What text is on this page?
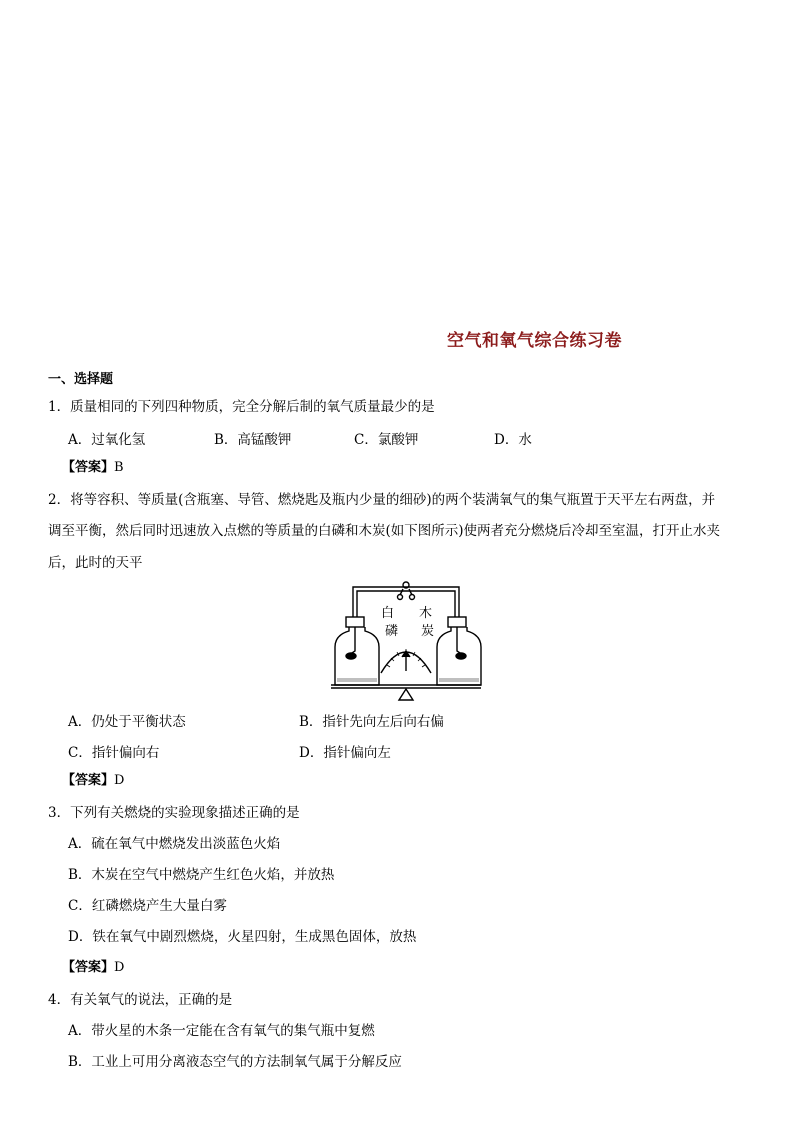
空气和氧气综合练习卷
一、选择题
1．质量相同的下列四种物质，完全分解后制的氧气质量最少的是
A．过氧化氢	B．高锰酸钾	C．氯酸钾	D．水
【答案】B
2．将等容积、等质量(含瓶塞、导管、燃烧匙及瓶内少量的细砂)的两个装满氧气的集气瓶置于天平左右两盘，并
调至平衡，然后同时迅速放入点燃的等质量的白磷和木炭(如下图所示)使两者充分燃烧后冷却至室温，打开止水夹
后，此时的天平
白
磷
木
炭
A．仍处于平衡状态	B．指针先向左后向右偏
C．指针偏向右	D．指针偏向左
【答案】D
3．下列有关燃烧的实验现象描述正确的是
A．硫在氧气中燃烧发出淡蓝色火焰
B．木炭在空气中燃烧产生红色火焰，并放热
C．红磷燃烧产生大量白雾
D．铁在氧气中剧烈燃烧，火星四射，生成黑色固体，放热
【答案】D
4．有关氧气的说法，正确的是
A．带火星的木条一定能在含有氧气的集气瓶中复燃
B．工业上可用分离液态空气的方法制氧气属于分解反应
